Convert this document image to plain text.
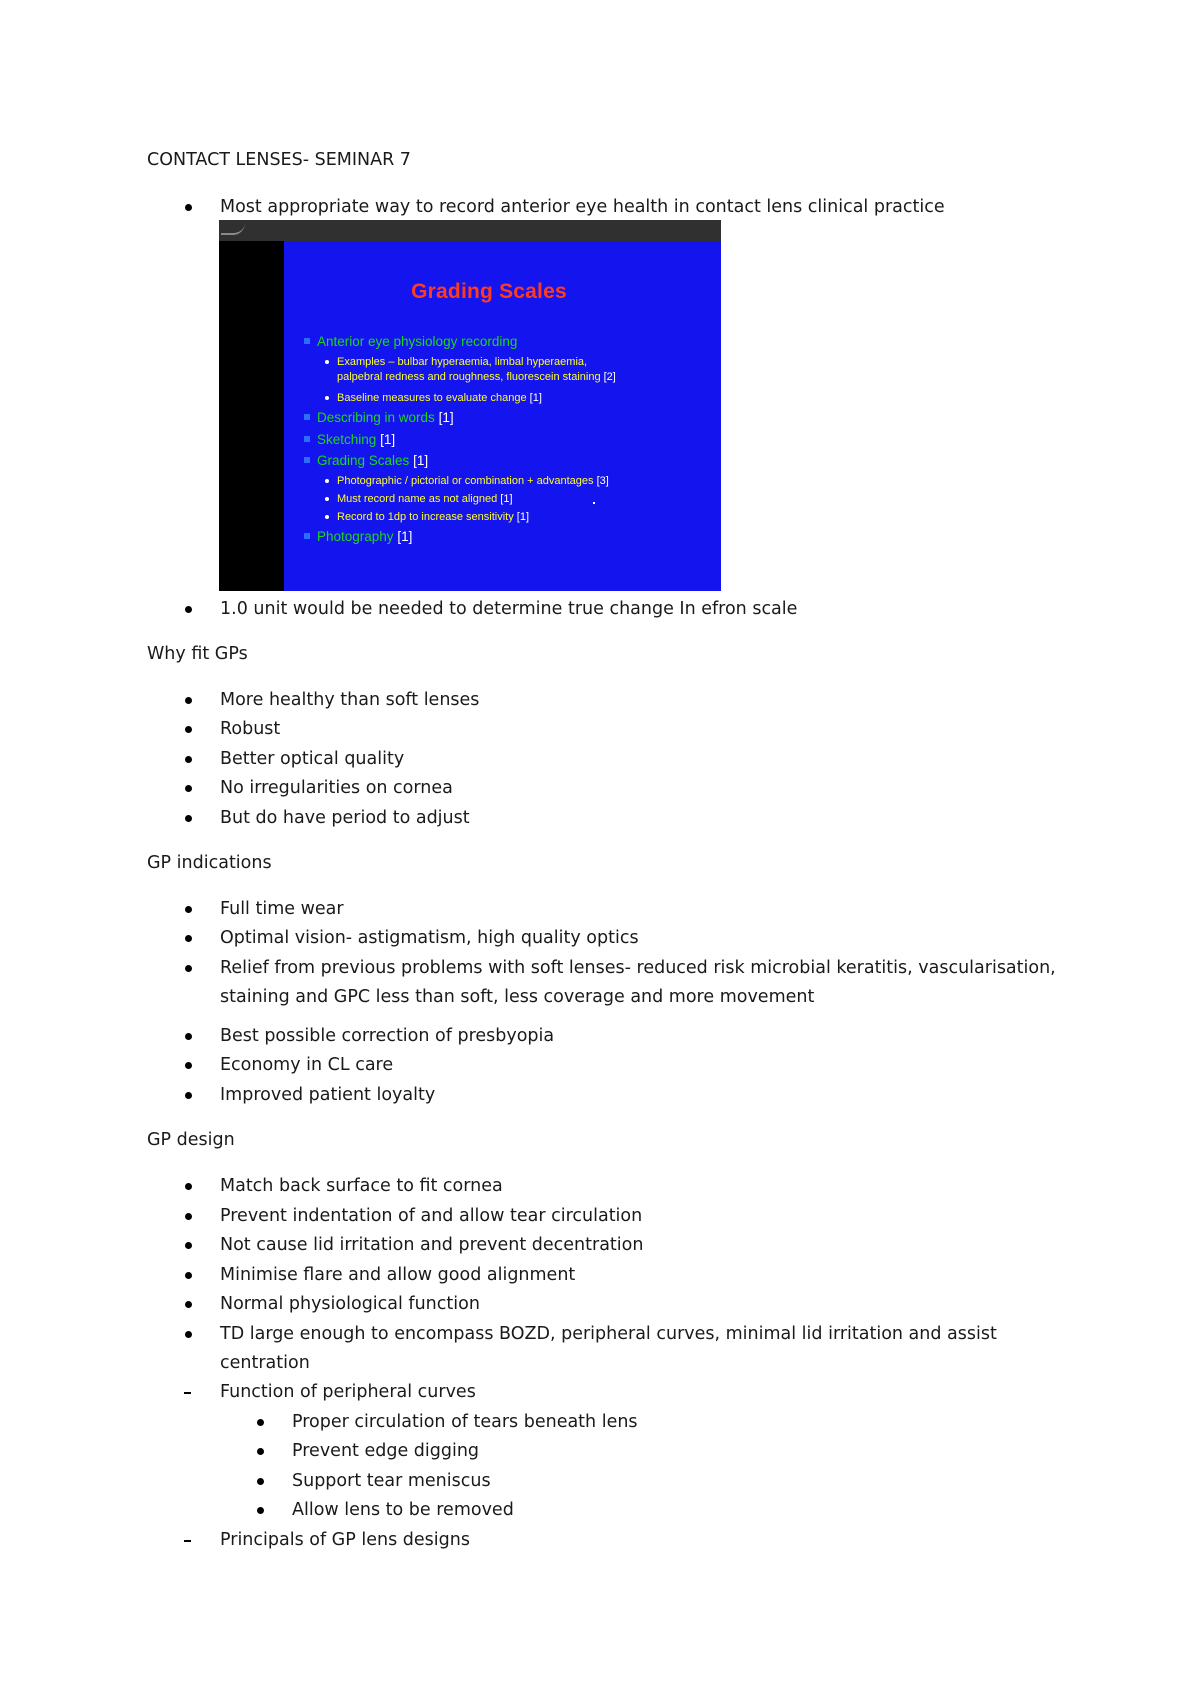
CONTACT LENSES- SEMINAR 7
Most appropriate way to record anterior eye health in contact lens clinical practice
Grading Scales
Anterior eye physiology recording
Examples – bulbar hyperaemia, limbal hyperaemia,
palpebral redness and roughness, fluorescein staining [2]
Baseline measures to evaluate change [1]
Describing in words [1]
Sketching [1]
Grading Scales [1]
Photographic / pictorial or combination + advantages [3]
Must record name as not aligned [1]
Record to 1dp to increase sensitivity [1]
Photography [1]
1.0 unit would be needed to determine true change In efron scale
Why fit GPs
More healthy than soft lenses
Robust
Better optical quality
No irregularities on cornea
But do have period to adjust
GP indications
Full time wear
Optimal vision- astigmatism, high quality optics
Relief from previous problems with soft lenses- reduced risk microbial keratitis, vascularisation, staining and GPC less than soft, less coverage and more movement
Best possible correction of presbyopia
Economy in CL care
Improved patient loyalty
GP design
Match back surface to fit cornea
Prevent indentation of and allow tear circulation
Not cause lid irritation and prevent decentration
Minimise flare and allow good alignment
Normal physiological function
TD large enough to encompass BOZD, peripheral curves, minimal lid irritation and assist centration
Function of peripheral curves
Proper circulation of tears beneath lens
Prevent edge digging
Support tear meniscus
Allow lens to be removed
Principals of GP lens designs
